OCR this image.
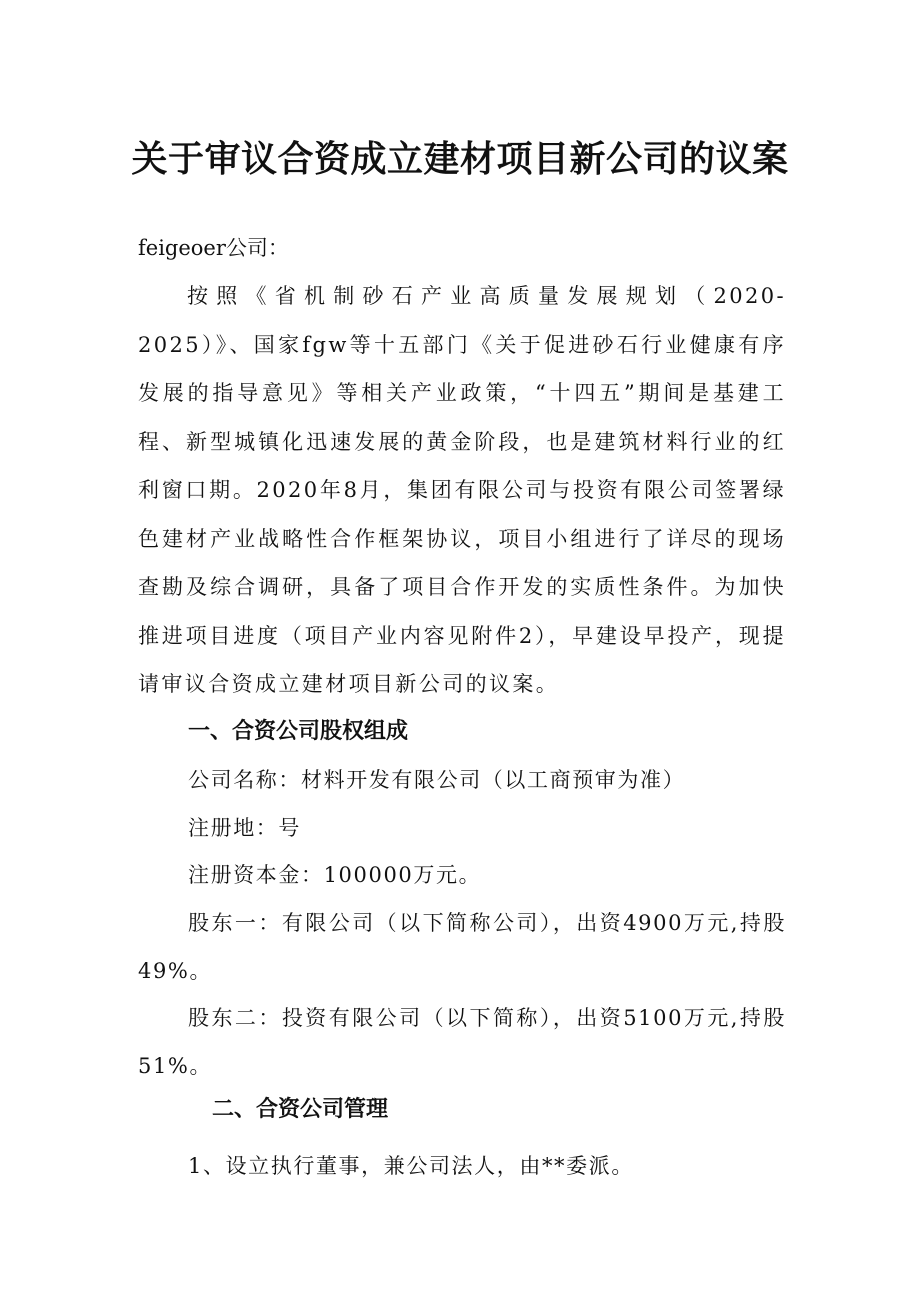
关于审议合资成立建材项目新公司的议案
feigeoer公司：
按照《省机制砂石产业高质量发展规划（2020-2025）》、国家fgw等十五部门《关于促进砂石行业健康有序发展的指导意见》等相关产业政策，“十四五”期间是基建工程、新型城镇化迅速发展的黄金阶段，也是建筑材料行业的红利窗口期。2020年8月，集团有限公司与投资有限公司签署绿色建材产业战略性合作框架协议，项目小组进行了详尽的现场查勘及综合调研，具备了项目合作开发的实质性条件。为加快推进项目进度（项目产业内容见附件2），早建设早投产，现提请审议合资成立建材项目新公司的议案。
一、合资公司股权组成
公司名称：材料开发有限公司（以工商预审为准）
注册地：号
注册资本金：100000万元。
股东一：有限公司（以下简称公司），出资4900万元,持股49%。
股东二：投资有限公司（以下简称），出资5100万元,持股51%。
二、合资公司管理
1、设立执行董事，兼公司法人，由**委派。
